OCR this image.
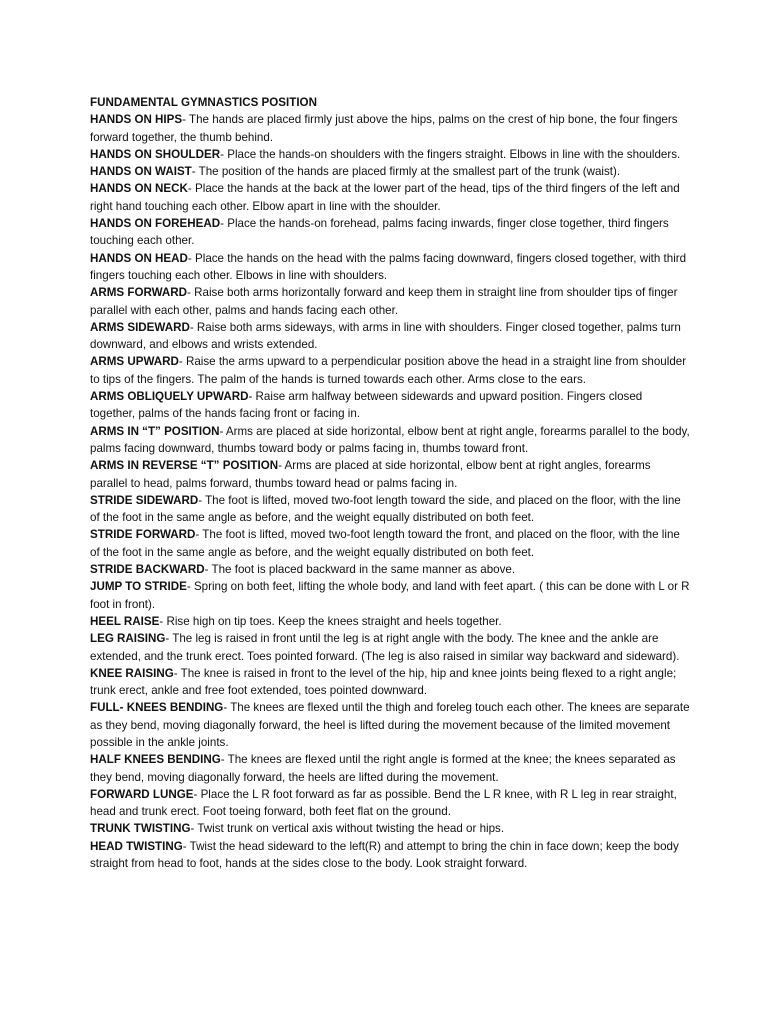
FUNDAMENTAL GYMNASTICS POSITION

HANDS ON HIPS- The hands are placed firmly just above the hips, palms on the crest of hip bone, the four fingers forward together, the thumb behind.

HANDS ON SHOULDER- Place the hands-on shoulders with the fingers straight. Elbows in line with the shoulders.

HANDS ON WAIST- The position of the hands are placed firmly at the smallest part of the trunk (waist).

HANDS ON NECK- Place the hands at the back at the lower part of the head, tips of the third fingers of the left and right hand touching each other. Elbow apart in line with the shoulder.

HANDS ON FOREHEAD- Place the hands-on forehead, palms facing inwards, finger close together, third fingers touching each other.

HANDS ON HEAD- Place the hands on the head with the palms facing downward, fingers closed together, with third fingers touching each other. Elbows in line with shoulders.

ARMS FORWARD- Raise both arms horizontally forward and keep them in straight line from shoulder tips of finger parallel with each other, palms and hands facing each other.

ARMS SIDEWARD- Raise both arms sideways, with arms in line with shoulders. Finger closed together, palms turn downward, and elbows and wrists extended.

ARMS UPWARD- Raise the arms upward to a perpendicular position above the head in a straight line from shoulder to tips of the fingers. The palm of the hands is turned towards each other. Arms close to the ears.

ARMS OBLIQUELY UPWARD- Raise arm halfway between sidewards and upward position. Fingers closed together, palms of the hands facing front or facing in.

ARMS IN “T” POSITION- Arms are placed at side horizontal, elbow bent at right angle, forearms parallel to the body, palms facing downward, thumbs toward body or palms facing in, thumbs toward front.

ARMS IN REVERSE “T” POSITION- Arms are placed at side horizontal, elbow bent at right angles, forearms parallel to head, palms forward, thumbs toward head or palms facing in.

STRIDE SIDEWARD- The foot is lifted, moved two-foot length toward the side, and placed on the floor, with the line of the foot in the same angle as before, and the weight equally distributed on both feet.

STRIDE FORWARD- The foot is lifted, moved two-foot length toward the front, and placed on the floor, with the line of the foot in the same angle as before, and the weight equally distributed on both feet.

STRIDE BACKWARD- The foot is placed backward in the same manner as above.

JUMP TO STRIDE- Spring on both feet, lifting the whole body, and land with feet apart. ( this can be done with L or R foot in front).

HEEL RAISE- Rise high on tip toes. Keep the knees straight and heels together.

LEG RAISING- The leg is raised in front until the leg is at right angle with the body. The knee and the ankle are extended, and the trunk erect. Toes pointed forward. (The leg is also raised in similar way backward and sideward).

KNEE RAISING- The knee is raised in front to the level of the hip, hip and knee joints being flexed to a right angle; trunk erect, ankle and free foot extended, toes pointed downward.

FULL- KNEES BENDING- The knees are flexed until the thigh and foreleg touch each other. The knees are separate as they bend, moving diagonally forward, the heel is lifted during the movement because of the limited movement possible in the ankle joints.

HALF KNEES BENDING- The knees are flexed until the right angle is formed at the knee; the knees separated as they bend, moving diagonally forward, the heels are lifted during the movement.

FORWARD LUNGE- Place the L R foot forward as far as possible. Bend the L R knee, with R L leg in rear straight, head and trunk erect. Foot toeing forward, both feet flat on the ground.

TRUNK TWISTING- Twist trunk on vertical axis without twisting the head or hips.

HEAD TWISTING- Twist the head sideward to the left(R) and attempt to bring the chin in face down; keep the body straight from head to foot, hands at the sides close to the body. Look straight forward.
